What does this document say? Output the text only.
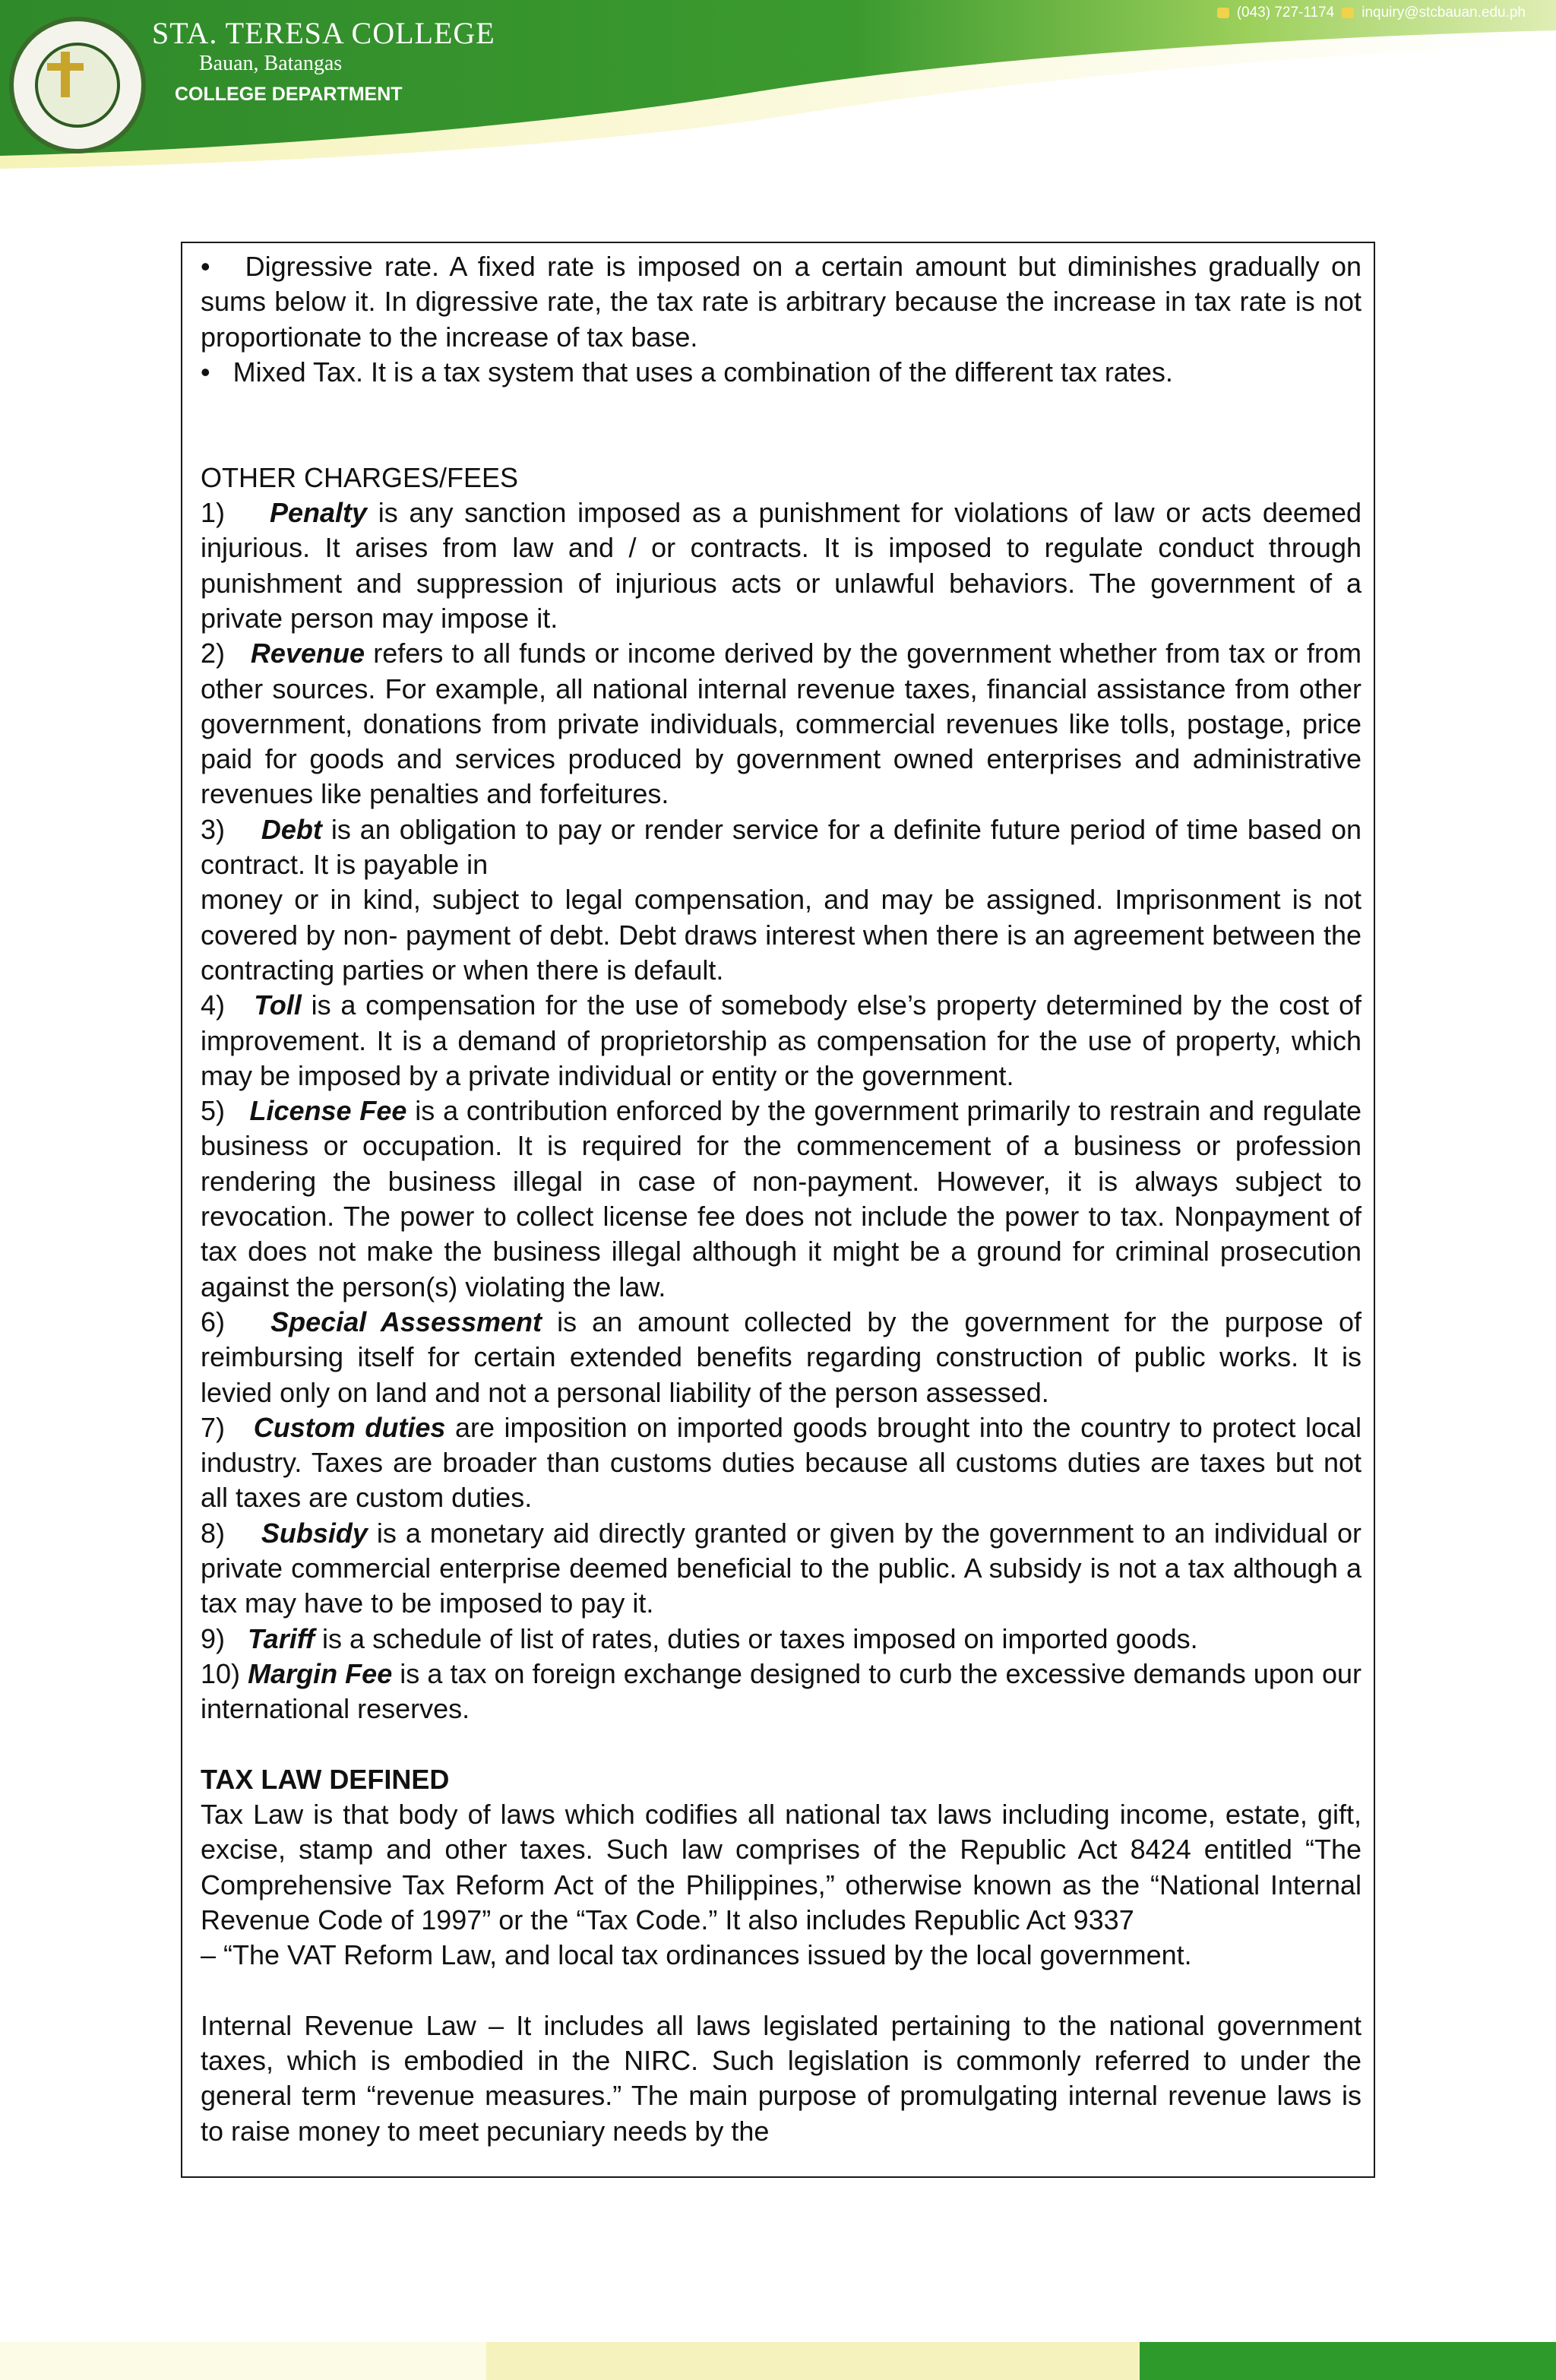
STA. TERESA COLLEGE
Bauan, Batangas
COLLEGE DEPARTMENT
(043) 727-1174 inquiry@stcbauan.edu.ph

•   Digressive rate. A fixed rate is imposed on a certain amount but diminishes gradually on sums below it. In digressive rate, the tax rate is arbitrary because the increase in tax rate is not proportionate to the increase of tax base.

•   Mixed Tax. It is a tax system that uses a combination of the different tax rates.

OTHER CHARGES/FEES

1) Penalty is any sanction imposed as a punishment for violations of law or acts deemed injurious. It arises from law and / or contracts. It is imposed to regulate conduct through punishment and suppression of injurious acts or unlawful behaviors. The government of a private person may impose it.

2) Revenue refers to all funds or income derived by the government whether from tax or from other sources. For example, all national internal revenue taxes, financial assistance from other government, donations from private individuals, commercial revenues like tolls, postage, price paid for goods and services produced by government owned enterprises and administrative revenues like penalties and forfeitures.

3) Debt is an obligation to pay or render service for a definite future period of time based on contract. It is payable in

money or in kind, subject to legal compensation, and may be assigned. Imprisonment is not covered by non- payment of debt. Debt draws interest when there is an agreement between the contracting parties or when there is default.

4) Toll is a compensation for the use of somebody else’s property determined by the cost of improvement. It is a demand of proprietorship as compensation for the use of property, which may be imposed by a private individual or entity or the government.

5) License Fee is a contribution enforced by the government primarily to restrain and regulate business or occupation. It is required for the commencement of a business or profession rendering the business illegal in case of non-payment. However, it is always subject to revocation. The power to collect license fee does not include the power to tax. Nonpayment of tax does not make the business illegal although it might be a ground for criminal prosecution against the person(s) violating the law.

6) Special Assessment is an amount collected by the government for the purpose of reimbursing itself for certain extended benefits regarding construction of public works. It is levied only on land and not a personal liability of the person assessed.

7) Custom duties are imposition on imported goods brought into the country to protect local industry. Taxes are broader than customs duties because all customs duties are taxes but not all taxes are custom duties.

8) Subsidy is a monetary aid directly granted or given by the government to an individual or private commercial enterprise deemed beneficial to the public. A subsidy is not a tax although a tax may have to be imposed to pay it.

9) Tariff is a schedule of list of rates, duties or taxes imposed on imported goods.

10) Margin Fee is a tax on foreign exchange designed to curb the excessive demands upon our international reserves.

TAX LAW DEFINED

Tax Law is that body of laws which codifies all national tax laws including income, estate, gift, excise, stamp and other taxes. Such law comprises of the Republic Act 8424 entitled “The Comprehensive Tax Reform Act of the Philippines,” otherwise known as the “National Internal Revenue Code of 1997” or the “Tax Code.” It also includes Republic Act 9337

– “The VAT Reform Law, and local tax ordinances issued by the local government.

Internal Revenue Law – It includes all laws legislated pertaining to the national government taxes, which is embodied in the NIRC. Such legislation is commonly referred to under the general term “revenue measures.” The main purpose of promulgating internal revenue laws is to raise money to meet pecuniary needs by the
